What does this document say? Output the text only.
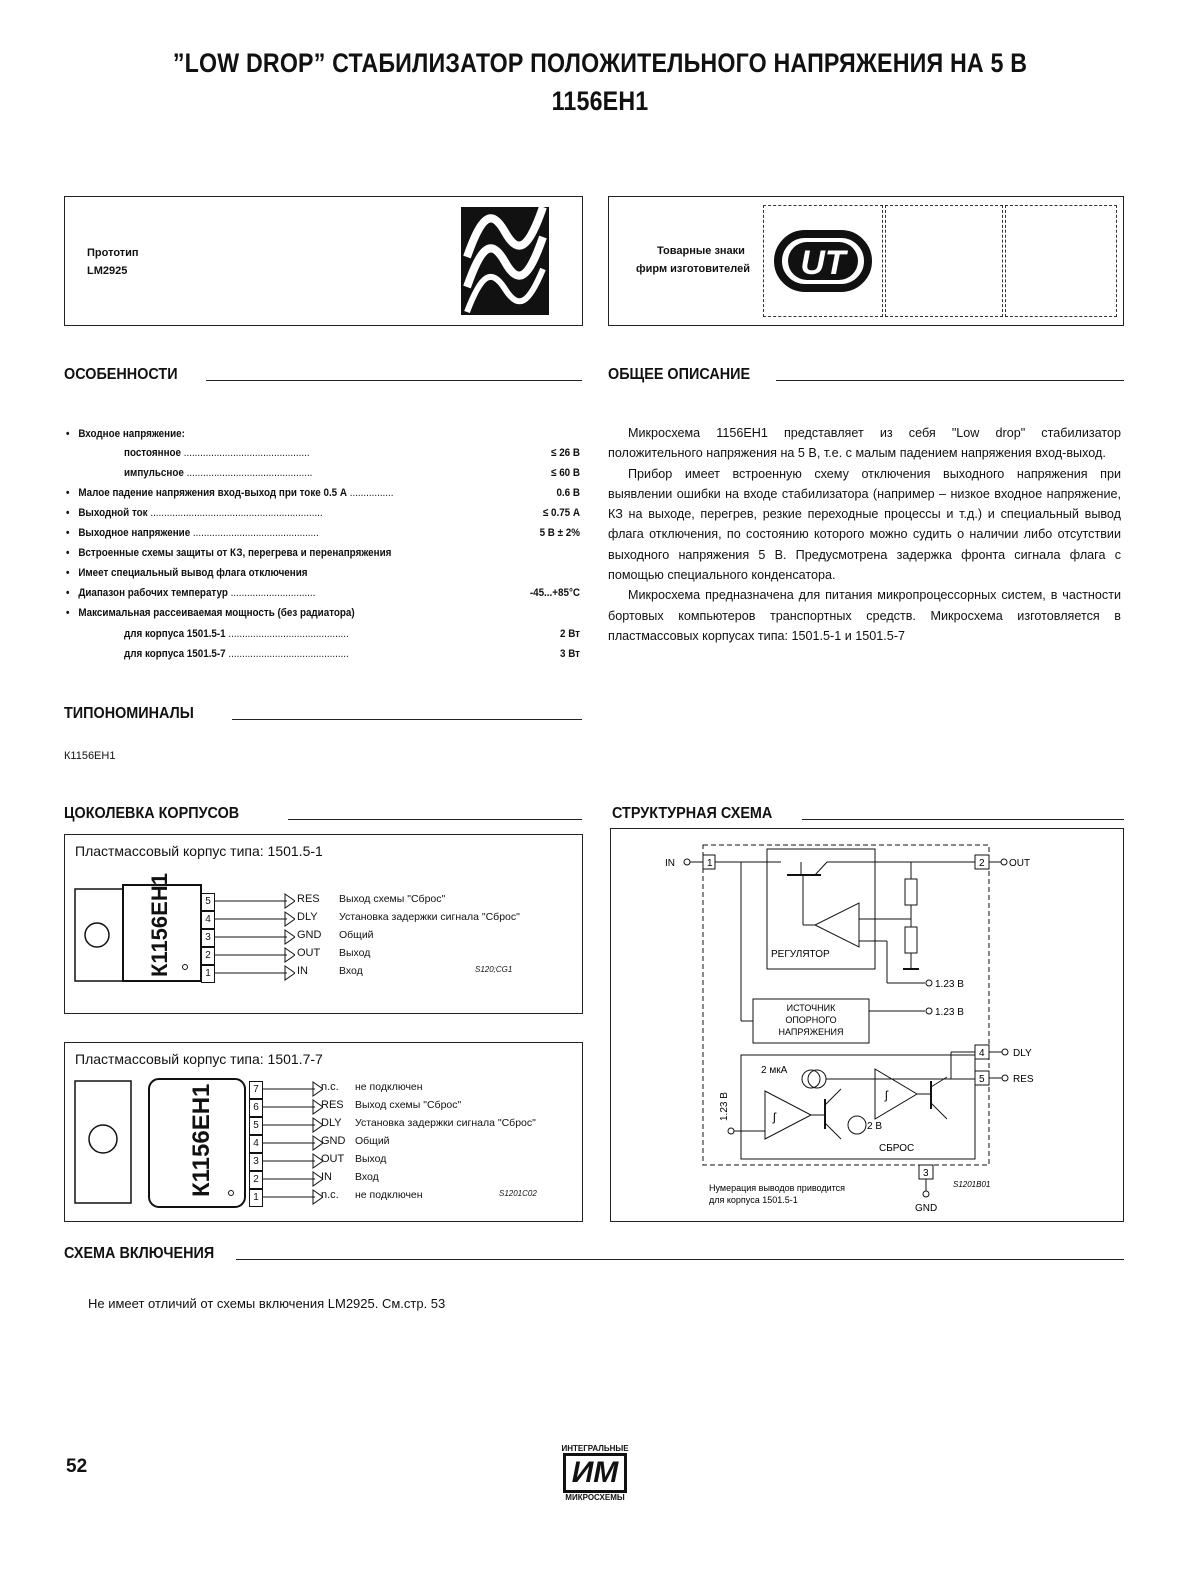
”LOW DROP” СТАБИЛИЗАТОР ПОЛОЖИТЕЛЬНОГО НАПРЯЖЕНИЯ НА 5 В
1156ЕН1
Прототип
LM2925
Товарные знаки
фирм изготовителей	UT
ОСОБЕННОСТИ	ОБЩЕЕ ОПИСАНИЕ
• Входное напряжение:
постоянное ..............................................	≤ 26 В
импульсное ..............................................	≤ 60 В
• Малое падение напряжения вход-выход при токе 0.5 А ................	0.6 В
• Выходной ток ...............................................................	≤ 0.75 А
• Выходное напряжение ..............................................	5 В ± 2%
• Встроенные схемы защиты от КЗ, перегрева и перенапряжения
• Имеет специальный вывод флага отключения
• Диапазон рабочих температур ...............................	-45...+85°С
• Максимальная рассеиваемая мощность (без радиатора)
для корпуса 1501.5-1 ............................................	2 Вт
для корпуса 1501.5-7 ............................................	3 Вт

Микросхема 1156ЕН1 представляет из себя "Low drop" стабилизатор положительного напряжения на 5 В, т.е. с малым падением напряжения вход-выход.

Прибор имеет встроенную схему отключения выходного напряжения при выявлении ошибки на входе стабилизатора (например – низкое входное напряжение, КЗ на выходе, перегрев, резкие переходные процессы и т.д.) и специальный вывод флага отключения, по состоянию которого можно судить о наличии либо отсутствии выходного напряжения 5 В. Предусмотрена задержка фронта сигнала флага с помощью специального конденсатора.

Микросхема предназначена для питания микропроцессорных систем, в частности бортовых компьютеров транспортных средств. Микросхема изготовляется в пластмассовых корпусах типа: 1501.5-1 и 1501.5-7

ТИПОНОМИНАЛЫ
К1156ЕН1
ЦОКОЛЕВКА КОРПУСОВ	СТРУКТУРНАЯ СХЕМА
Пластмассовый корпус типа: 1501.5-1
К1156ЕН1	5	RES Выход схемы "Сброс"
4	DLY Установка задержки сигнала "Сброс"
3	GND Общий
2	OUT Выход
1	IN	Вход	S120;CG1
Пластмассовый корпус типа: 1501.7-7
К1156ЕН1	7	n.c. не подключен
6	RES Выход схемы "Сброс"
5	DLY Установка задержки сигнала "Сброс"
4	GND Общий
3	OUT Выход
2	IN Вход
1	n.c. не подключен	S1201C02
1	2
4
5
3
IN	OUT
РЕГУЛЯТОР
1.23 В
ИСТОЧНИК
ОПОРНОГО
НАПРЯЖЕНИЯ
1.23 В
2 мкА
DLY
RES
ʃ
ʃ
1.23 В
2 В
СБРОС
GND
Нумерация выводов приводится
для корпуса 1501.5-1
S1201B01
СХЕМА ВКЛЮЧЕНИЯ
Не имеет отличий от схемы включения LM2925. См.стр. 53
52
ИНТЕГРАЛЬНЫЕ
ИМ
МИКРОСХЕМЫ
